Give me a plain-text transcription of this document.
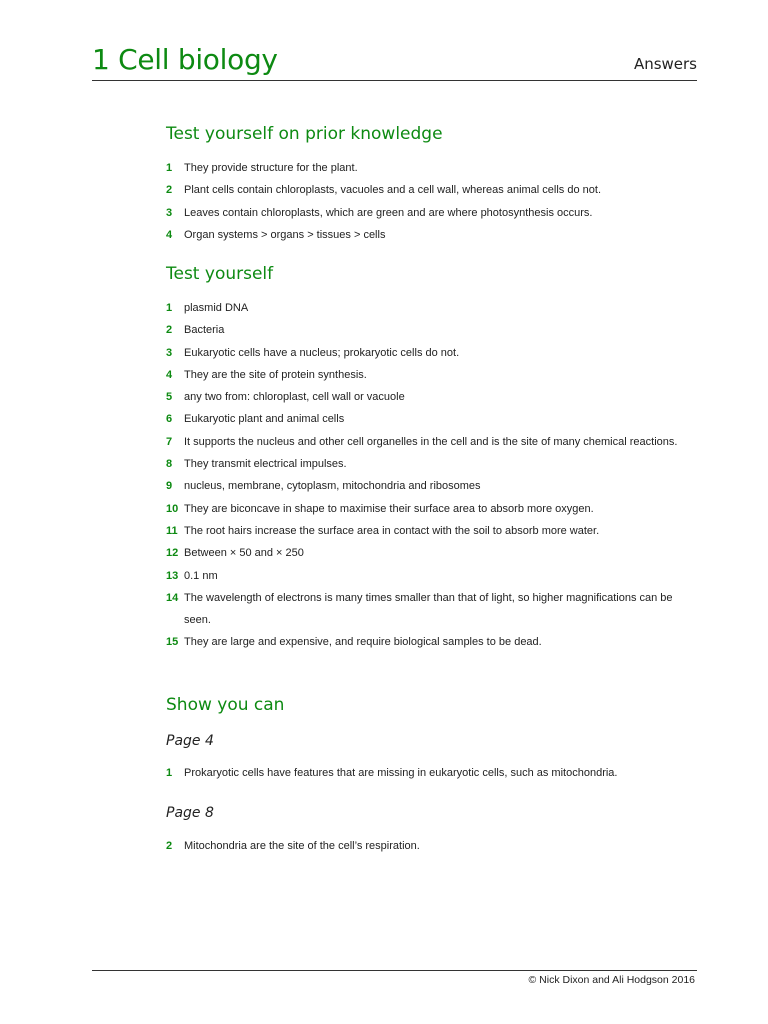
1 Cell biology	Answers
Test yourself on prior knowledge
1 They provide structure for the plant.
2 Plant cells contain chloroplasts, vacuoles and a cell wall, whereas animal cells do not.
3 Leaves contain chloroplasts, which are green and are where photosynthesis occurs.
4 Organ systems > organs > tissues > cells
Test yourself
1 plasmid DNA
2 Bacteria
3 Eukaryotic cells have a nucleus; prokaryotic cells do not.
4 They are the site of protein synthesis.
5 any two from: chloroplast, cell wall or vacuole
6 Eukaryotic plant and animal cells
7 It supports the nucleus and other cell organelles in the cell and is the site of many chemical reactions.
8 They transmit electrical impulses.
9 nucleus, membrane, cytoplasm, mitochondria and ribosomes
10 They are biconcave in shape to maximise their surface area to absorb more oxygen.
11 The root hairs increase the surface area in contact with the soil to absorb more water.
12 Between × 50 and × 250
13 0.1 nm
14 The wavelength of electrons is many times smaller than that of light, so higher magnifications can be seen.
15 They are large and expensive, and require biological samples to be dead.
Show you can
Page 4
1 Prokaryotic cells have features that are missing in eukaryotic cells, such as mitochondria.
Page 8
2 Mitochondria are the site of the cell’s respiration.
© Nick Dixon and Ali Hodgson 2016
